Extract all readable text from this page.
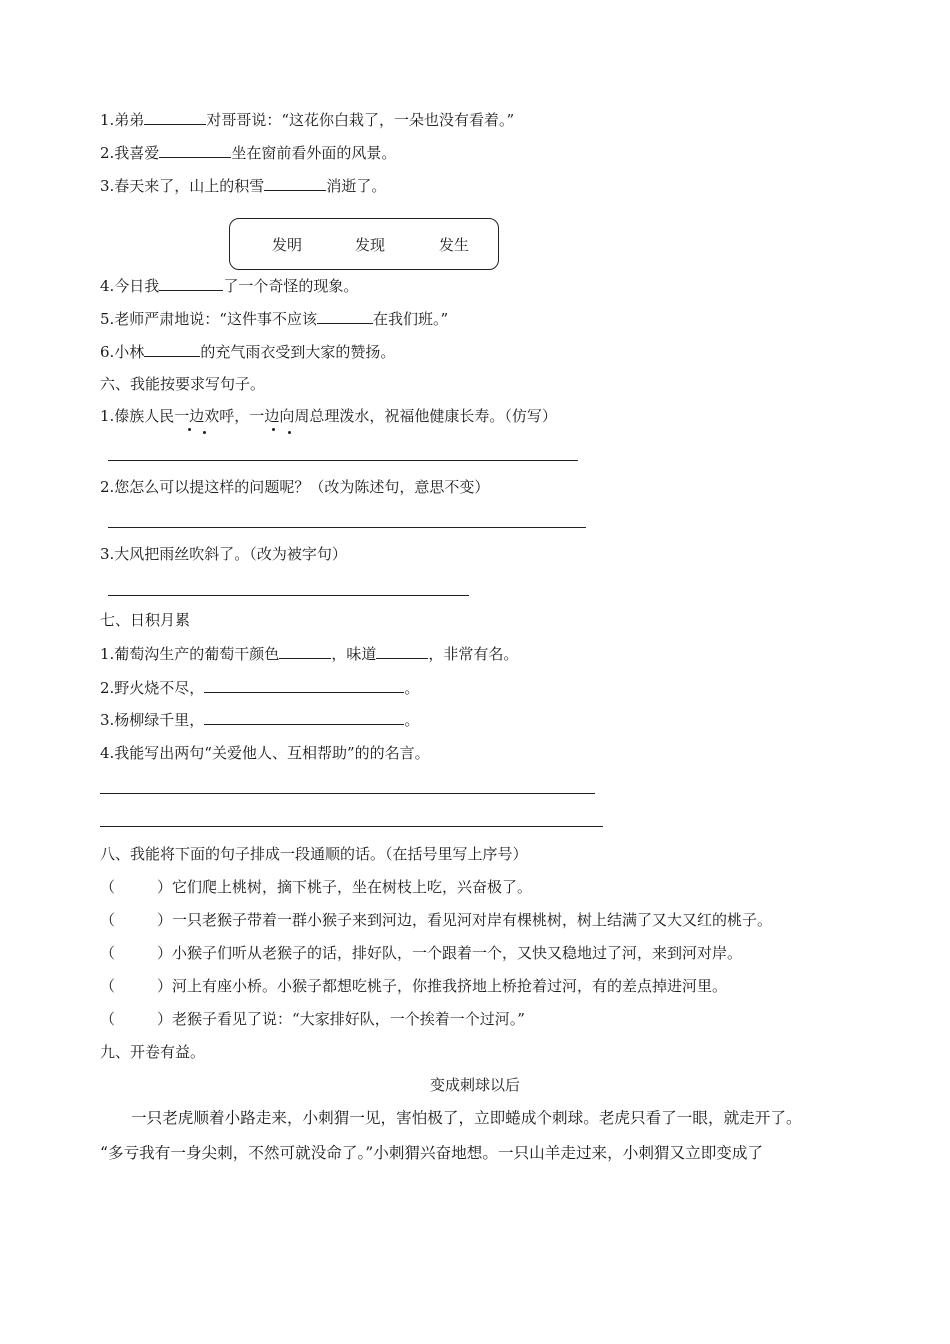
1.弟弟	对哥哥说：“这花你白栽了，一朵也没有看着。”
2.我喜爱	坐在窗前看外面的风景。
3.春天来了，山上的积雪	消逝了。
发明	发现	发生
4.今日我	了一个奇怪的现象。
5.老师严肃地说：“这件事不应该	在我们班。”
6.小林	的充气雨衣受到大家的赞扬。
六、我能按要求写句子。
1.傣族人民一边欢呼，一边向周总理泼水，祝福他健康长寿。（仿写）
2.您怎么可以提这样的问题呢？（改为陈述句，意思不变）
3.大风把雨丝吹斜了。（改为被字句）
七、日积月累
1.葡萄沟生产的葡萄干颜色	，味道	，非常有名。
2.野火烧不尽，	。
3.杨柳绿千里，	。
4.我能写出两句“关爱他人、互相帮助”的的名言。
八、我能将下面的句子排成一段通顺的话。（在括号里写上序号）
（	）它们爬上桃树，摘下桃子，坐在树枝上吃，兴奋极了。
（	）一只老猴子带着一群小猴子来到河边，看见河对岸有棵桃树，树上结满了又大又红的桃子。
（	）小猴子们听从老猴子的话，排好队，一个跟着一个，又快又稳地过了河，来到河对岸。
（	）河上有座小桥。小猴子都想吃桃子，你推我挤地上桥抢着过河，有的差点掉进河里。
（	）老猴子看见了说：“大家排好队，一个挨着一个过河。”
九、开卷有益。
变成刺球以后
一只老虎顺着小路走来，小刺猬一见，害怕极了，立即蜷成个刺球。老虎只看了一眼，就走开了。
“多亏我有一身尖刺，不然可就没命了。”小刺猬兴奋地想。一只山羊走过来，小刺猬又立即变成了
